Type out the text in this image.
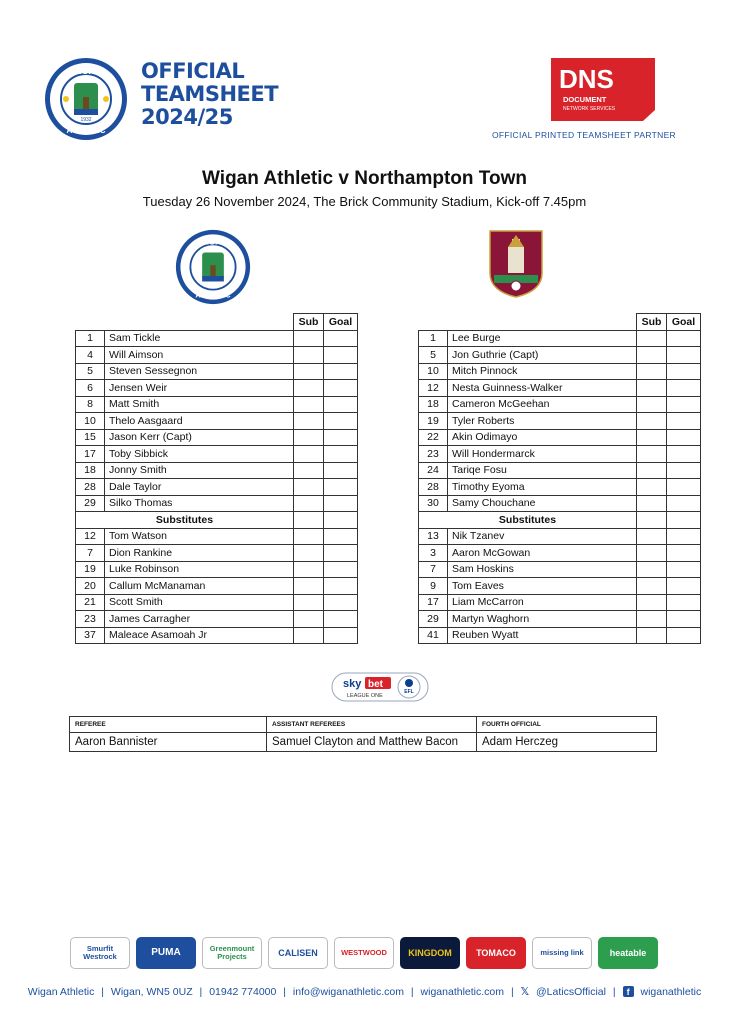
WIGAN
ATHLETIC
1932
OFFICIAL
TEAMSHEET
2024/25
DNS
DOCUMENT
NETWORK SERVICES
OFFICIAL PRINTED TEAMSHEET PARTNER
Wigan Athletic v Northampton Town
Tuesday 26 November 2024, The Brick Community Stadium, Kick-off 7.45pm
WIGAN
ATHLETIC
		Sub	Goal
1	Sam Tickle		
4	Will Aimson		
5	Steven Sessegnon		
6	Jensen Weir		
8	Matt Smith		
10	Thelo Aasgaard		
15	Jason Kerr (Capt)		
17	Toby Sibbick		
18	Jonny Smith		
28	Dale Taylor		
29	Silko Thomas		
Substitutes			
12	Tom Watson		
7	Dion Rankine		
19	Luke Robinson		
20	Callum McManaman		
21	Scott Smith		
23	James Carragher		
37	Maleace Asamoah Jr		
		Sub	Goal
1	Lee Burge		
5	Jon Guthrie (Capt)		
10	Mitch Pinnock		
12	Nesta Guinness-Walker		
18	Cameron McGeehan		
19	Tyler Roberts		
22	Akin Odimayo		
23	Will Hondermarck		
24	Tariqe Fosu		
28	Timothy Eyoma		
30	Samy Chouchane		
Substitutes			
13	Nik Tzanev		
3	Aaron McGowan		
7	Sam Hoskins		
9	Tom Eaves		
17	Liam McCarron		
29	Martyn Waghorn		
41	Reuben Wyatt		
sky bet
LEAGUE ONE
EFL
REFEREE	ASSISTANT REFEREES	FOURTH OFFICIAL
Aaron Bannister	Samuel Clayton and Matthew Bacon	Adam Herczeg
Smurfit Westrock	PUMA	Greenmount Projects	CALISEN	WESTWOOD	KINGDOM	TOMACO	missing link	heatable
Wigan Athletic | Wigan, WN5 0UZ | 01942 774000 | info@wiganathletic.com | wiganathletic.com | 𝕏 @LaticsOfficial | f wiganathletic
